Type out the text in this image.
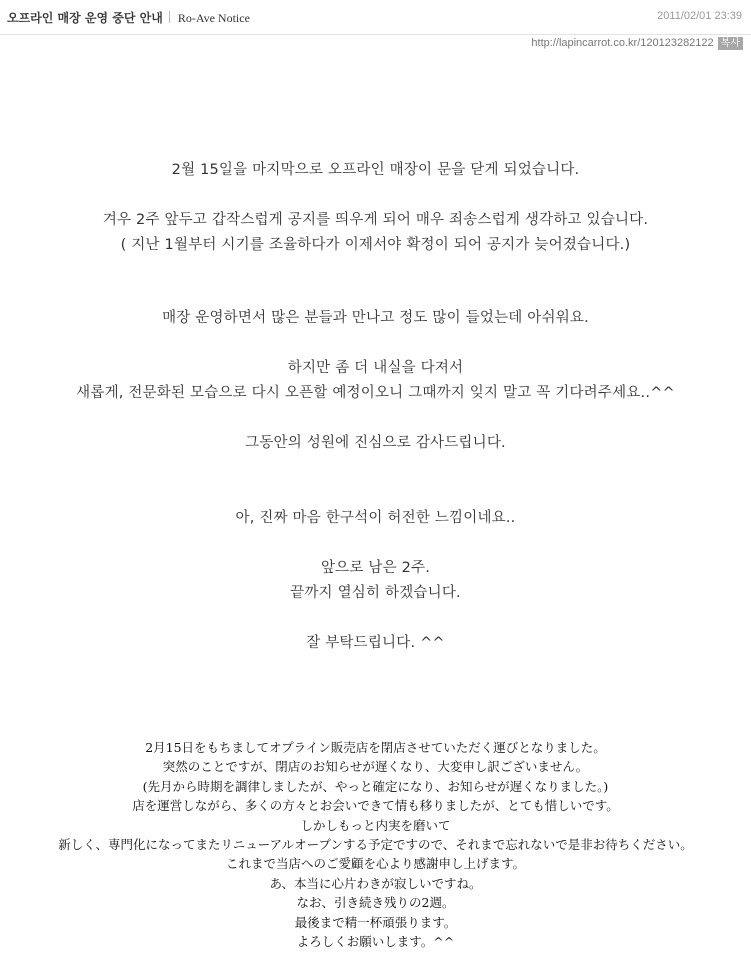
오프라인 매장 운영 중단 안내 Ro-Ave Notice	2011/02/01 23:39
http://lapincarrot.co.kr/120123282122 복사

2월 15일을 마지막으로 오프라인 매장이 문을 닫게 되었습니다.

겨우 2주 앞두고 갑작스럽게 공지를 띄우게 되어 매우 죄송스럽게 생각하고 있습니다.

( 지난 1월부터 시기를 조율하다가 이제서야 확정이 되어 공지가 늦어졌습니다.)

매장 운영하면서 많은 분들과 만나고 정도 많이 들었는데 아쉬워요.

하지만 좀 더 내실을 다져서

새롭게, 전문화된 모습으로 다시 오픈할 예정이오니 그때까지 잊지 말고 꼭 기다려주세요..^^

그동안의 성원에 진심으로 감사드립니다.

아, 진짜 마음 한구석이 허전한 느낌이네요..

앞으로 남은 2주.

끝까지 열심히 하겠습니다.

잘 부탁드립니다. ^^

2月15日をもちましてオプライン販売店を閉店させていただく運びとなりました。

突然のことですが、閉店のお知らせが遅くなり、大変申し訳ございません。

(先月から時期を調律しましたが、やっと確定になり、お知らせが遅くなりました。)

店を運営しながら、多くの方々とお会いできて情も移りましたが、とても惜しいです。

しかしもっと内実を磨いて

新しく、専門化になってまたリニューアルオープンする予定ですので、それまで忘れないで是非お待ちください。

これまで当店へのご愛顧を心より感謝申し上げます。

あ、本当に心片わきが寂しいですね。

なお、引き続き残りの2週。

最後まで精一杯頑張ります。

よろしくお願いします。^^
